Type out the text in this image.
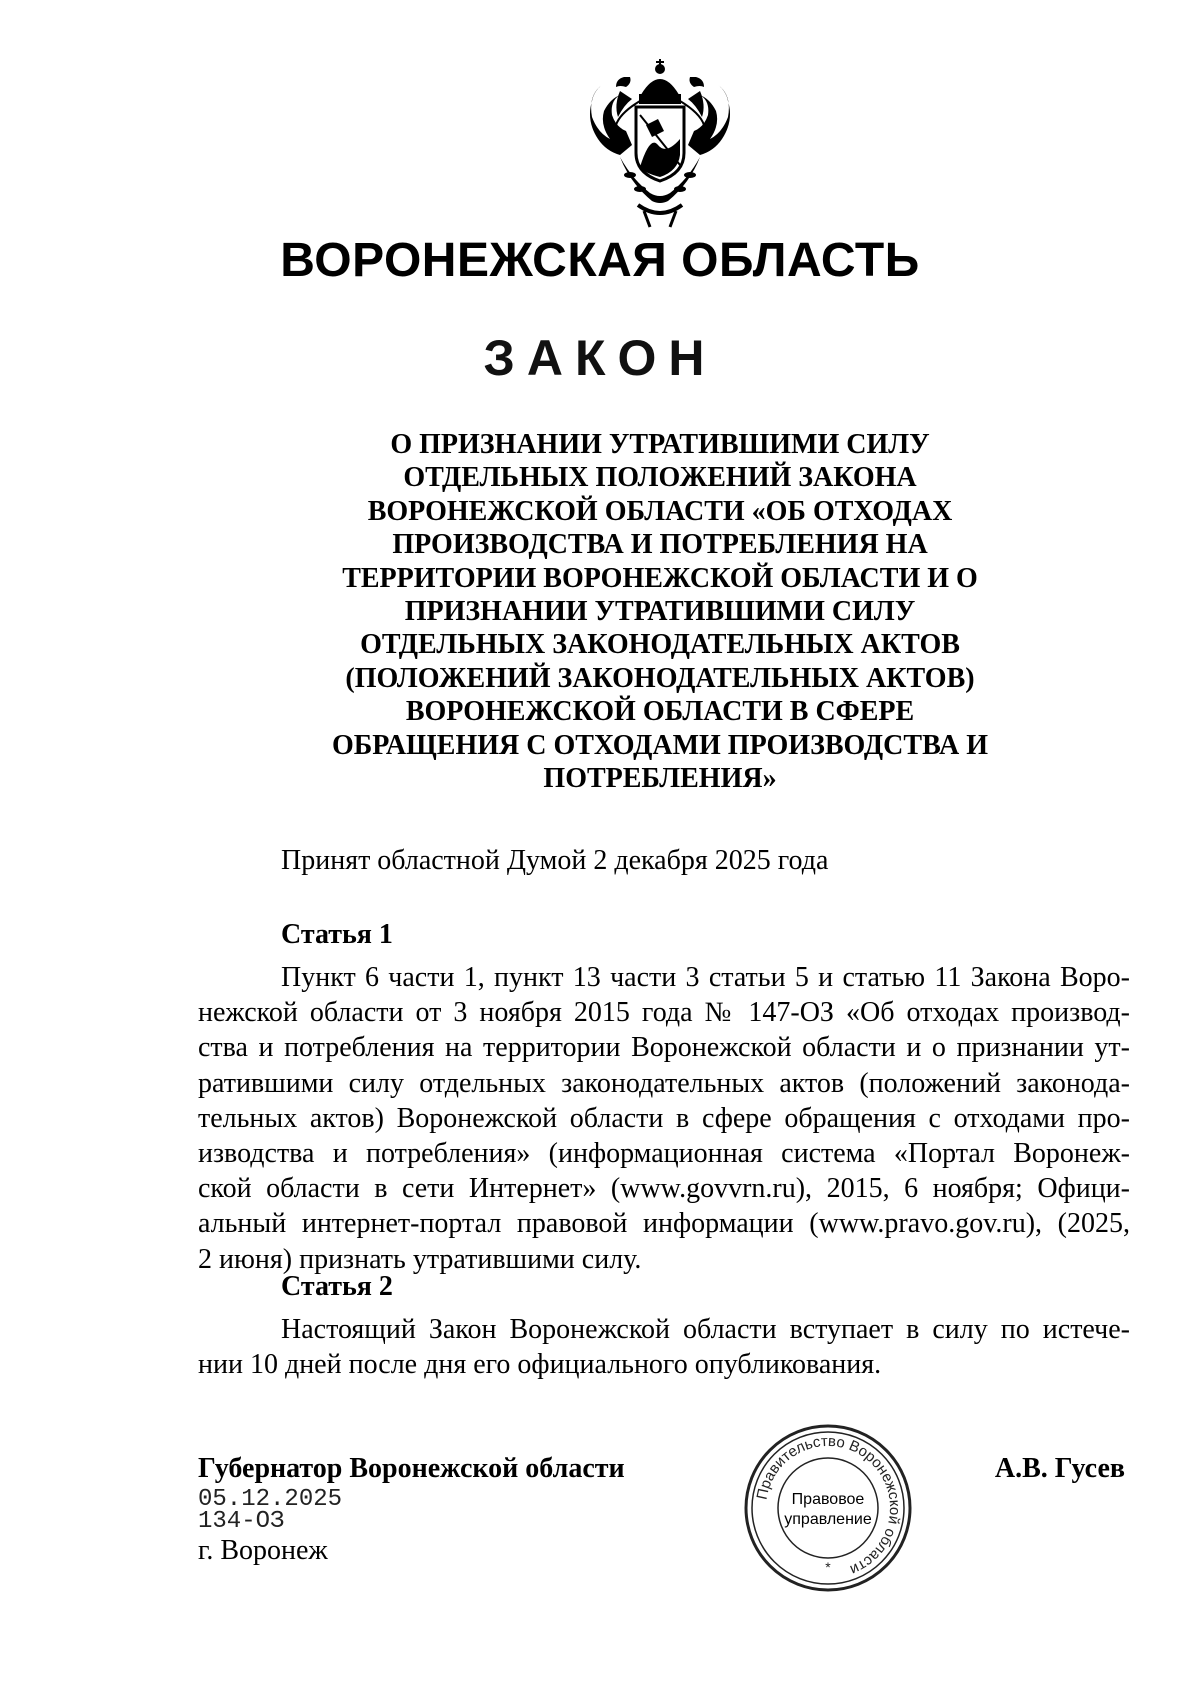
ВОРОНЕЖСКАЯ ОБЛАСТЬ
ЗАКОН
О ПРИЗНАНИИ УТРАТИВШИМИ СИЛУ
ОТДЕЛЬНЫХ ПОЛОЖЕНИЙ ЗАКОНА
ВОРОНЕЖСКОЙ ОБЛАСТИ «ОБ ОТХОДАХ
ПРОИЗВОДСТВА И ПОТРЕБЛЕНИЯ НА
ТЕРРИТОРИИ ВОРОНЕЖСКОЙ ОБЛАСТИ И О
ПРИЗНАНИИ УТРАТИВШИМИ СИЛУ
ОТДЕЛЬНЫХ ЗАКОНОДАТЕЛЬНЫХ АКТОВ
(ПОЛОЖЕНИЙ ЗАКОНОДАТЕЛЬНЫХ АКТОВ)
ВОРОНЕЖСКОЙ ОБЛАСТИ В СФЕРЕ
ОБРАЩЕНИЯ С ОТХОДАМИ ПРОИЗВОДСТВА И
ПОТРЕБЛЕНИЯ»
Принят областной Думой 2 декабря 2025 года
Статья 1
Пункт 6 части 1, пункт 13 части 3 статьи 5 и статью 11 Закона Воро-
нежской области от 3 ноября 2015 года № 147-ОЗ «Об отходах производ-
ства и потребления на территории Воронежской области и о признании ут-
ратившими силу отдельных законодательных актов (положений законода-
тельных актов) Воронежской области в сфере обращения с отходами про-
изводства и потребления» (информационная система «Портал Воронеж-
ской области в сети Интернет» (www.govvrn.ru), 2015, 6 ноября; Офици-
альный интернет-портал правовой информации (www.pravo.gov.ru), (2025,
2 июня) признать утратившими силу.
Статья 2
Настоящий Закон Воронежской области вступает в силу по истече-
нии 10 дней после дня его официального опубликования.
Губернатор Воронежской области	А.В. Гусев
05.12.2025
134-ОЗ
г. Воронеж
Правительство Воронежской области
*
Правовое
управление
